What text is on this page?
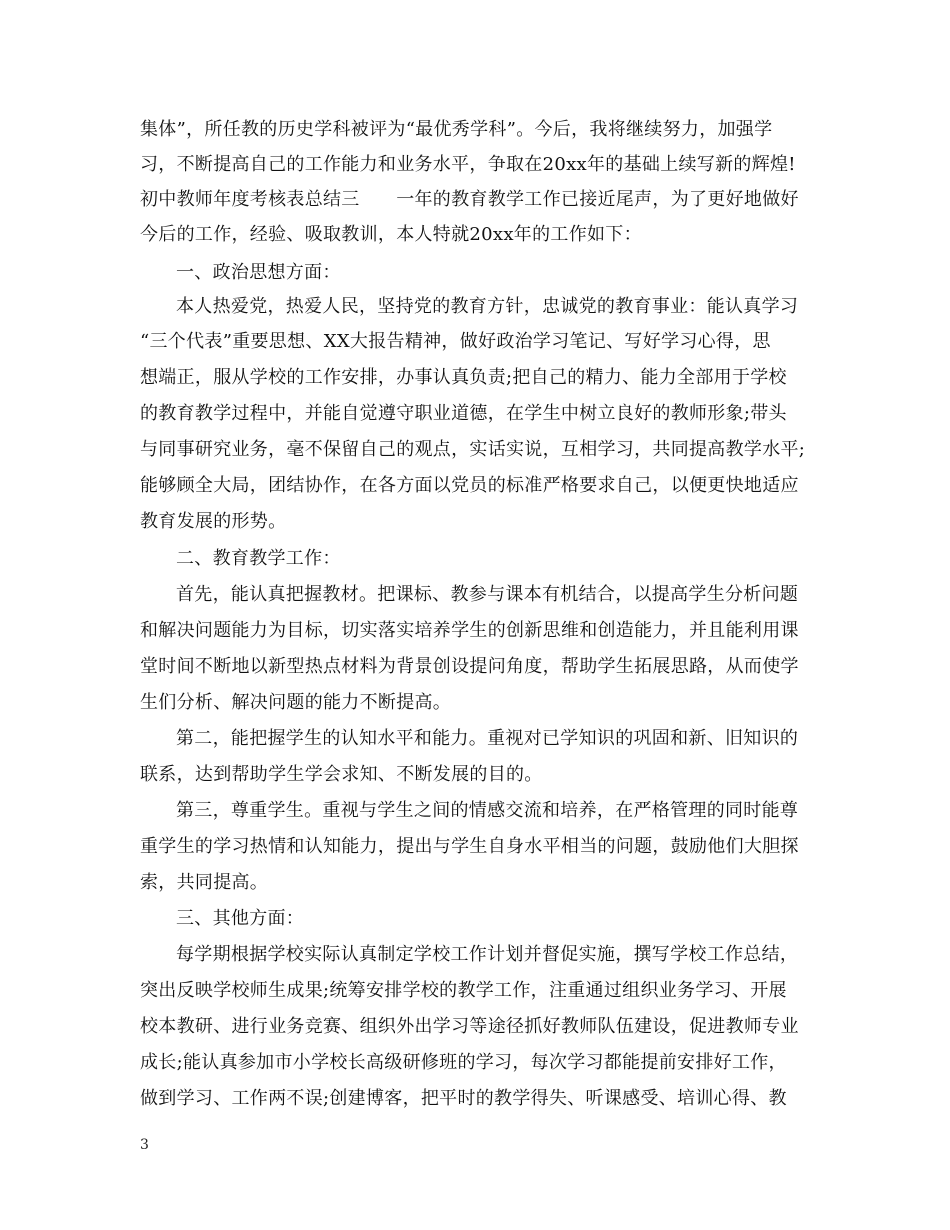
集体”，所任教的历史学科被评为“最优秀学科”。今后，我将继续努力，加强学
习，不断提高自己的工作能力和业务水平，争取在20xx年的基础上续写新的辉煌!
初中教师年度考核表总结三　　一年的教育教学工作已接近尾声，为了更好地做好
今后的工作，经验、吸取教训，本人特就20xx年的工作如下：
一、政治思想方面：
本人热爱党，热爱人民，坚持党的教育方针，忠诚党的教育事业：能认真学习
“三个代表”重要思想、XX大报告精神，做好政治学习笔记、写好学习心得，思
想端正，服从学校的工作安排，办事认真负责;把自己的精力、能力全部用于学校
的教育教学过程中，并能自觉遵守职业道德，在学生中树立良好的教师形象;带头
与同事研究业务，毫不保留自己的观点，实话实说，互相学习，共同提高教学水平;
能够顾全大局，团结协作，在各方面以党员的标准严格要求自己，以便更快地适应
教育发展的形势。
二、教育教学工作：
首先，能认真把握教材。把课标、教参与课本有机结合，以提高学生分析问题
和解决问题能力为目标，切实落实培养学生的创新思维和创造能力，并且能利用课
堂时间不断地以新型热点材料为背景创设提问角度，帮助学生拓展思路，从而使学
生们分析、解决问题的能力不断提高。
第二，能把握学生的认知水平和能力。重视对已学知识的巩固和新、旧知识的
联系，达到帮助学生学会求知、不断发展的目的。
第三，尊重学生。重视与学生之间的情感交流和培养，在严格管理的同时能尊
重学生的学习热情和认知能力，提出与学生自身水平相当的问题，鼓励他们大胆探
索，共同提高。
三、其他方面：
每学期根据学校实际认真制定学校工作计划并督促实施，撰写学校工作总结，
突出反映学校师生成果;统筹安排学校的教学工作，注重通过组织业务学习、开展
校本教研、进行业务竞赛、组织外出学习等途径抓好教师队伍建设，促进教师专业
成长;能认真参加市小学校长高级研修班的学习，每次学习都能提前安排好工作，
做到学习、工作两不误;创建博客，把平时的教学得失、听课感受、培训心得、教
3
